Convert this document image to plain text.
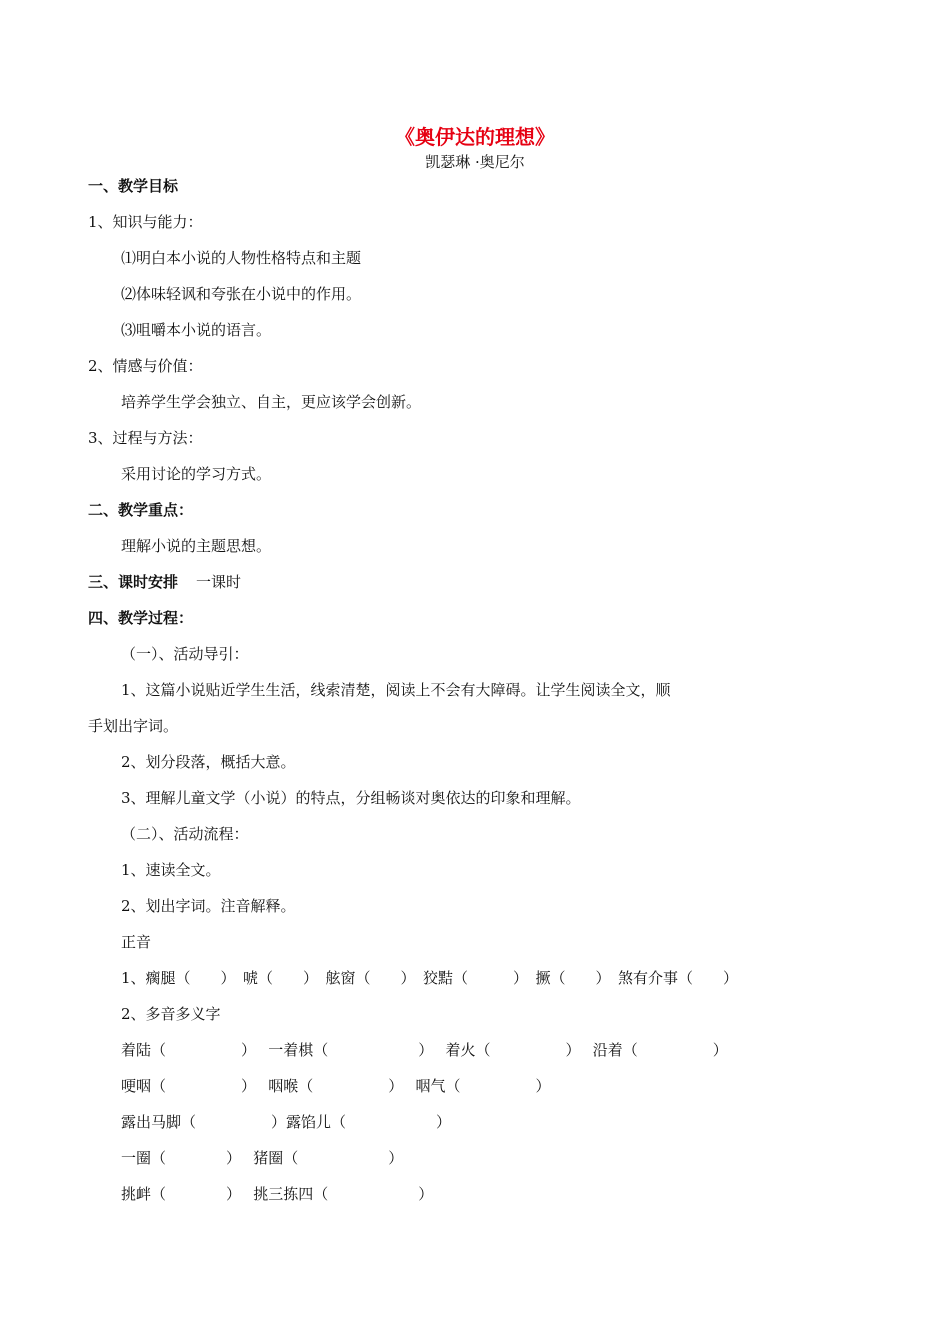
《奥伊达的理想》
凯瑟琳 ·奥尼尔
一、教学目标
1、知识与能力：
⑴明白本小说的人物性格特点和主题
⑵体味轻讽和夸张在小说中的作用。
⑶咀嚼本小说的语言。
2、情感与价值：
培养学生学会独立、自主，更应该学会创新。
3、过程与方法：
采用讨论的学习方式。
二、教学重点：
理解小说的主题思想。
三、课时安排 一课时
四、教学过程：
（一）、活动导引：
1、这篇小说贴近学生生活，线索清楚，阅读上不会有大障碍。让学生阅读全文，顺
手划出字词。
2、划分段落，概括大意。
3、理解儿童文学（小说）的特点，分组畅谈对奥依达的印象和理解。
（二）、活动流程：
1、速读全文。
2、划出字词。注音解释。
正音
1、瘸腿（　　）　唬（　　）　舷窗（　　）　狡黠（　　　）　撅（　　）　煞有介事（　　）
2、多音多义字
着陆（　　　　　）　 一着棋（　　　　　　）　 着火（　　　　　）　 沿着（　　　　　）
哽咽（　　　　　）　 咽喉（　　　　　）　 咽气（　　　　　）
露出马脚（　　　　　）露馅儿（　　　　　　）
一圈（　　　　）　 猪圈（　　　　　　）
挑衅（　　　　）　 挑三拣四（　　　　　　）
